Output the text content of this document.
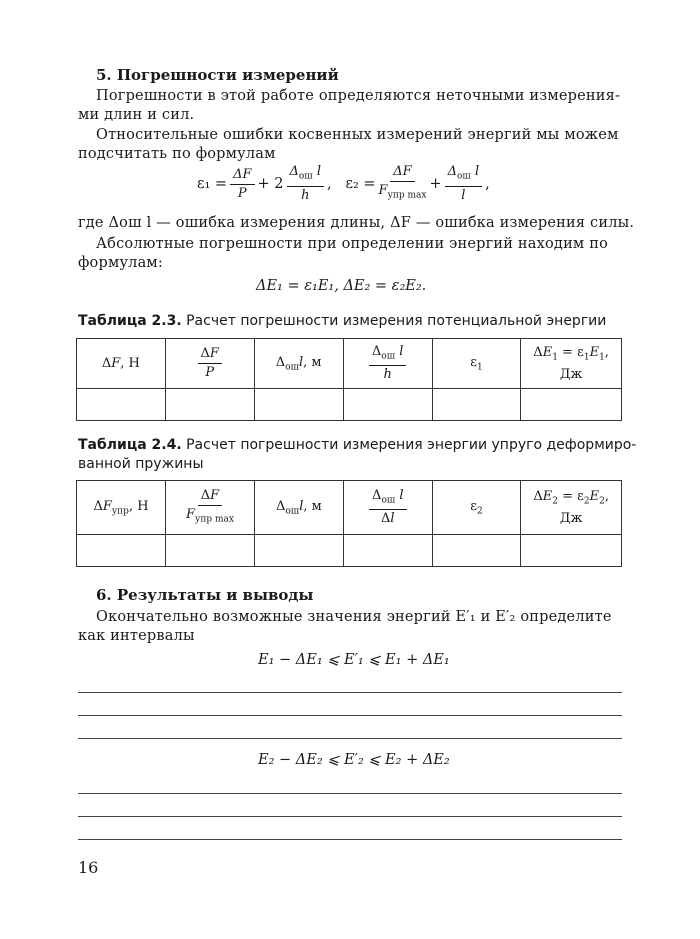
5. Погрешности измерений
Погрешности в этой работе определяются неточными измерения-
ми длин и сил.
Относительные ошибки косвенных измерений энергий мы можем
подсчитать по формулам
$\varepsilon_1 = \frac{\Delta F}{P} + 2 \frac{\Delta_{ош} l}{h}$ , $\varepsilon_2 = \frac{\Delta F}{F_{упр max}} + \frac{\Delta_{ош} l}{l}$ ,
где Δош l — ошибка измерения длины, ΔF — ошибка измерения силы.
Абсолютные погрешности при определении энергий находим по
формулам:
ΔE₁ = ε₁E₁, ΔE₂ = ε₂E₂.
Таблица 2.3. Расчет погрешности измерения потенциальной энергии
ΔF, Н	$\frac{\Delta F}{P}$	$\Delta_{ош}l$, м	$\frac{\Delta_{ош} l}{h}$	$\varepsilon_1$	$\Delta E_1 = \varepsilon_1E_1$,
Дж

Таблица 2.4. Расчет погрешности измерения энергии упруго деформиро-
ванной пружины
$\Delta F_{упр}$, Н	$\frac{\Delta F}{F_{упр max}}$	$\Delta_{ош}l$, м	$\frac{\Delta_{ош} l}{\Delta l}$	$\varepsilon_2$	$\Delta E_2 = \varepsilon_2E_2$,
Дж

6. Результаты и выводы
Окончательно возможные значения энергий E′₁ и E′₂ определите
как интервалы
E₁ − ΔE₁ ⩽ E′₁ ⩽ E₁ + ΔE₁
E₂ − ΔE₂ ⩽ E′₂ ⩽ E₂ + ΔE₂
16
